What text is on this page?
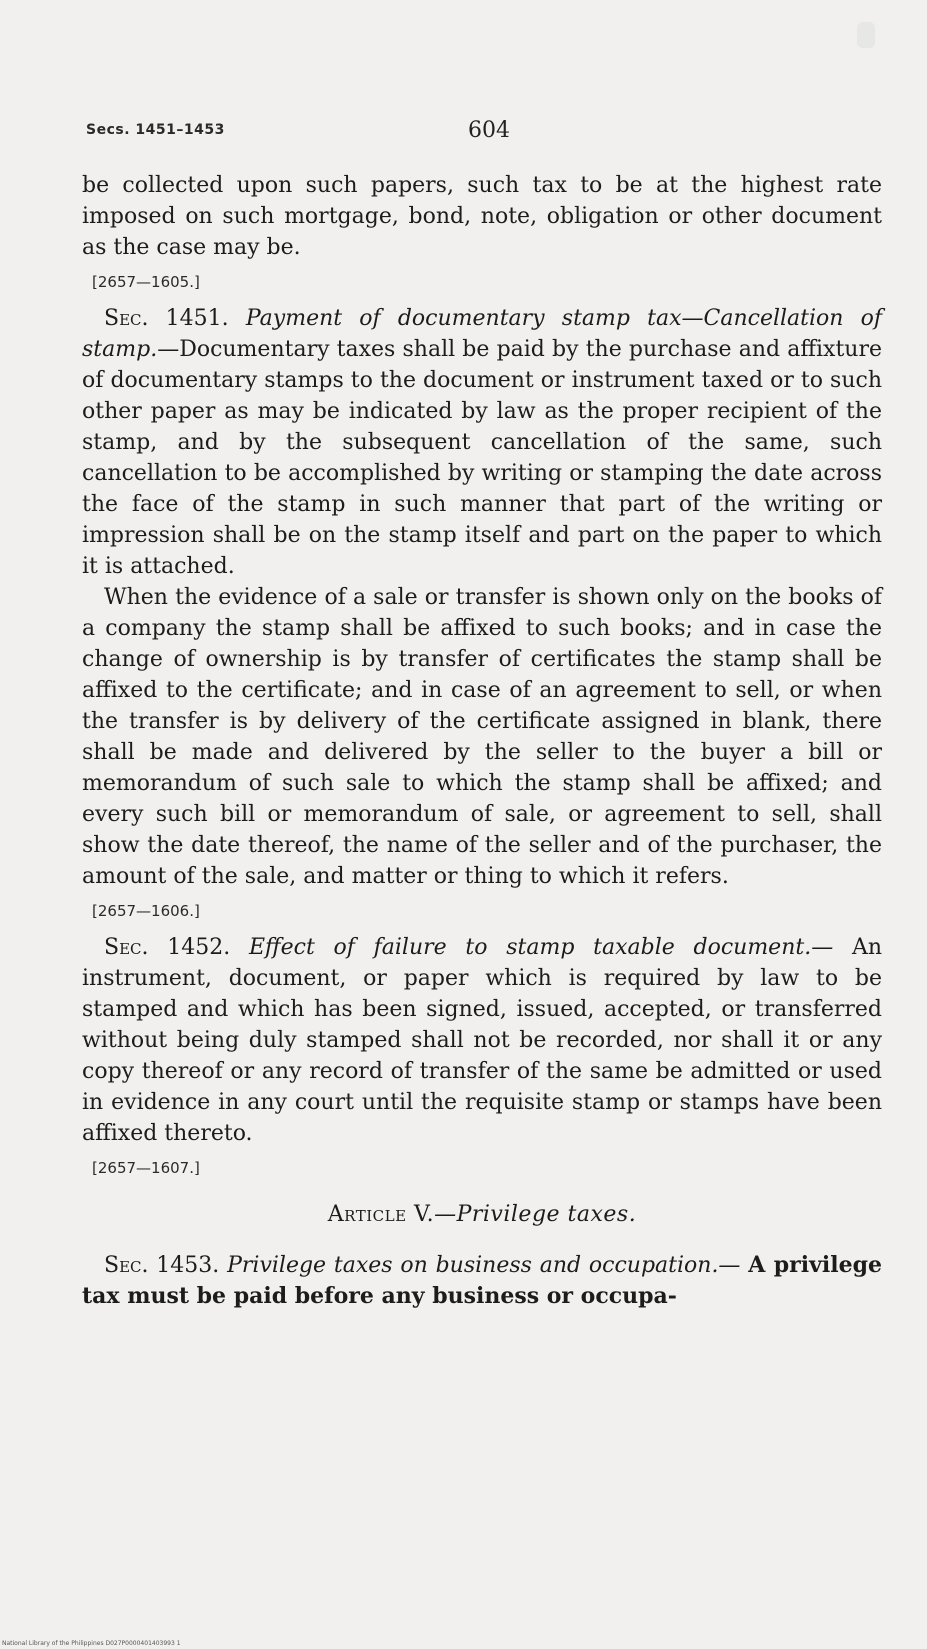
Secs. 1451–1453	604

be collected upon such papers, such tax to be at the highest rate imposed on such mortgage, bond, note, obligation or other document as the case may be.

[2657—1605.]

Sec. 1451. Payment of documentary stamp tax—Cancellation of stamp.—Documentary taxes shall be paid by the purchase and affixture of documentary stamps to the document or instrument taxed or to such other paper as may be indicated by law as the proper recipient of the stamp, and by the subsequent cancellation of the same, such cancellation to be accomplished by writing or stamping the date across the face of the stamp in such manner that part of the writing or impression shall be on the stamp itself and part on the paper to which it is attached.

When the evidence of a sale or transfer is shown only on the books of a company the stamp shall be affixed to such books; and in case the change of ownership is by transfer of certificates the stamp shall be affixed to the certificate; and in case of an agreement to sell, or when the transfer is by delivery of the certificate assigned in blank, there shall be made and delivered by the seller to the buyer a bill or memorandum of such sale to which the stamp shall be affixed; and every such bill or memorandum of sale, or agreement to sell, shall show the date thereof, the name of the seller and of the purchaser, the amount of the sale, and matter or thing to which it refers.

[2657—1606.]

Sec. 1452. Effect of failure to stamp taxable document.— An instrument, document, or paper which is required by law to be stamped and which has been signed, issued, accepted, or transferred without being duly stamped shall not be recorded, nor shall it or any copy thereof or any record of transfer of the same be admitted or used in evidence in any court until the requisite stamp or stamps have been affixed thereto.

[2657—1607.]

Article V.—Privilege taxes.

Sec. 1453. Privilege taxes on business and occupation.— A privilege tax must be paid before any business or occupa-

National Library of the Philippines D027P0000401403993 1
